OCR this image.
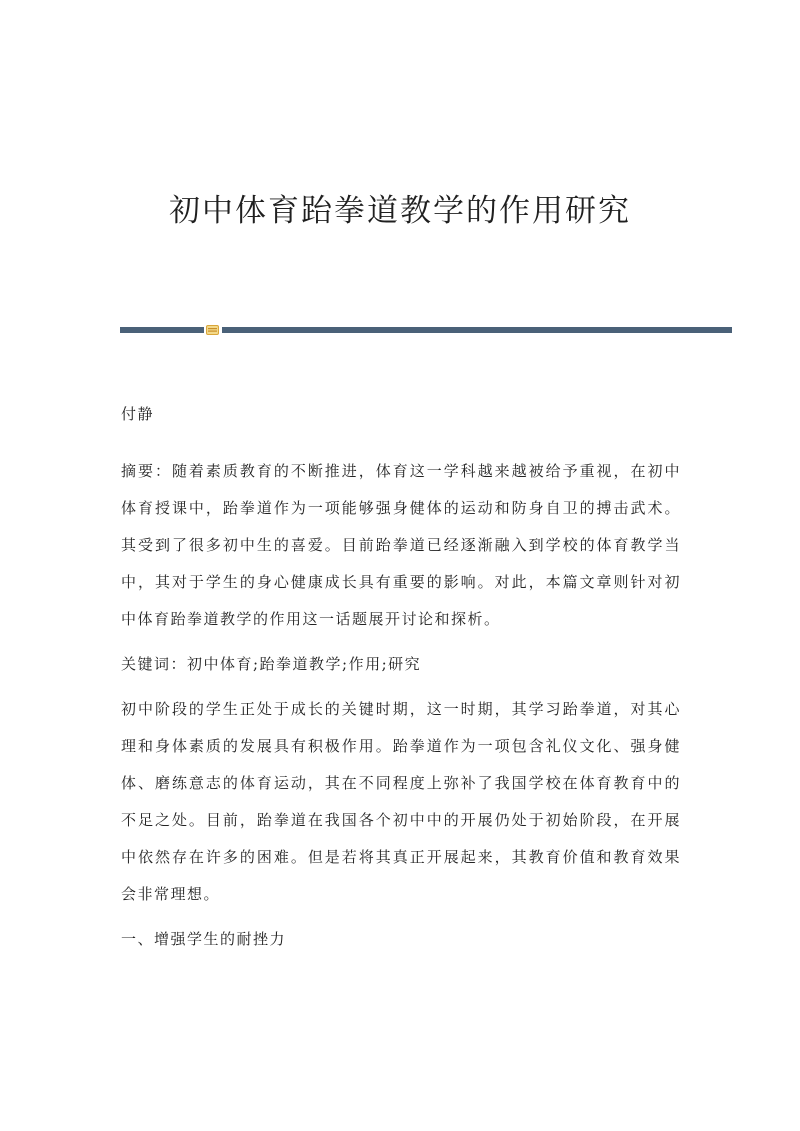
初中体育跆拳道教学的作用研究

付静

摘要：随着素质教育的不断推进，体育这一学科越来越被给予重视，在初中体育授课中，跆拳道作为一项能够强身健体的运动和防身自卫的搏击武术。其受到了很多初中生的喜爱。目前跆拳道已经逐渐融入到学校的体育教学当中，其对于学生的身心健康成长具有重要的影响。对此，本篇文章则针对初中体育跆拳道教学的作用这一话题展开讨论和探析。

关键词：初中体育;跆拳道教学;作用;研究

初中阶段的学生正处于成长的关键时期，这一时期，其学习跆拳道，对其心理和身体素质的发展具有积极作用。跆拳道作为一项包含礼仪文化、强身健体、磨练意志的体育运动，其在不同程度上弥补了我国学校在体育教育中的不足之处。目前，跆拳道在我国各个初中中的开展仍处于初始阶段，在开展中依然存在许多的困难。但是若将其真正开展起来，其教育价值和教育效果会非常理想。

一、增强学生的耐挫力
